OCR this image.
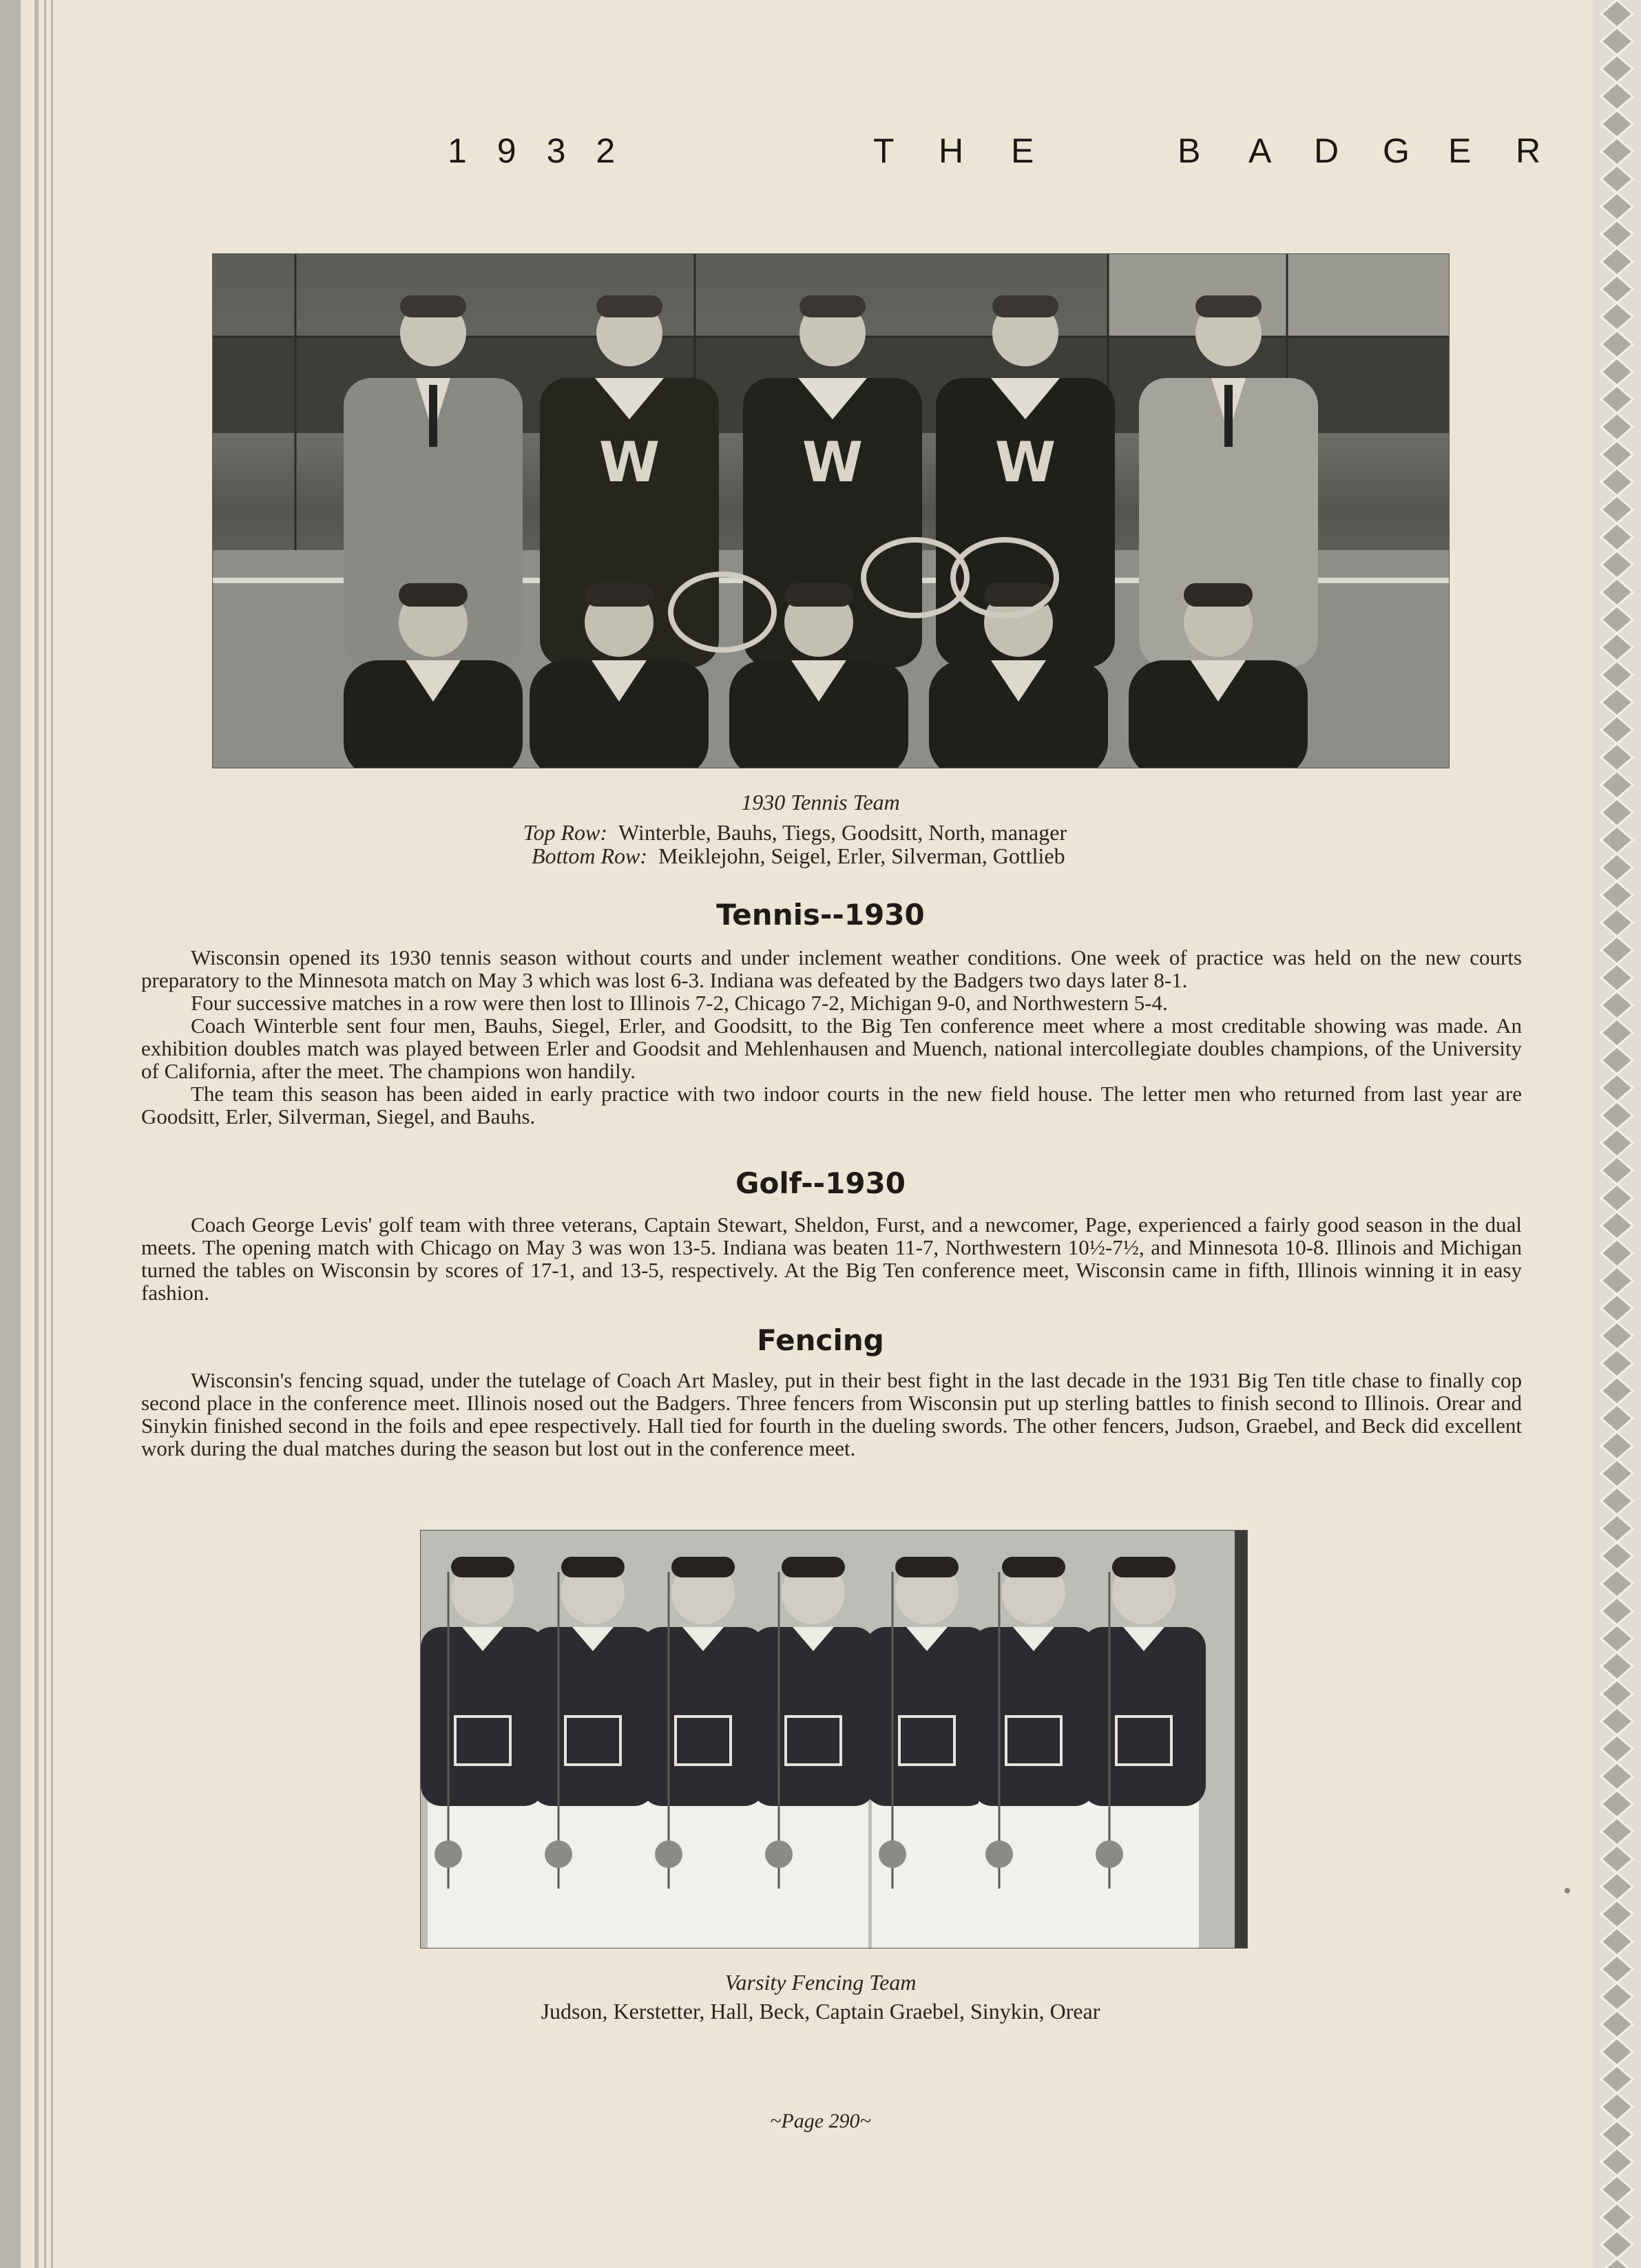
1932	T H E	B A D G E R
W	W W
1930 Tennis Team
Top Row: Winterble, Bauhs, Tiegs, Goodsitt, North, manager
Bottom Row: Meiklejohn, Seigel, Erler, Silverman, Gottlieb
Tennis--1930

Wisconsin opened its 1930 tennis season without courts and under inclement weather conditions. One week of practice was held on the new courts preparatory to the Minnesota match on May 3 which was lost 6-3. Indiana was defeated by the Badgers two days later 8-1.

Four successive matches in a row were then lost to Illinois 7-2, Chicago 7-2, Michigan 9-0, and Northwestern 5-4.

Coach Winterble sent four men, Bauhs, Siegel, Erler, and Goodsitt, to the Big Ten conference meet where a most creditable showing was made. An exhibition doubles match was played between Erler and Goodsit and Mehlenhausen and Muench, national intercollegiate doubles champions, of the University of California, after the meet. The champions won handily.

The team this season has been aided in early practice with two indoor courts in the new field house. The letter men who returned from last year are Goodsitt, Erler, Silverman, Siegel, and Bauhs.

Golf--1930

Coach George Levis' golf team with three veterans, Captain Stewart, Sheldon, Furst, and a newcomer, Page, experienced a fairly good season in the dual meets. The opening match with Chicago on May 3 was won 13-5. Indiana was beaten 11-7, Northwestern 10½-7½, and Minnesota 10-8. Illinois and Michigan turned the tables on Wisconsin by scores of 17-1, and 13-5, respectively. At the Big Ten conference meet, Wisconsin came in fifth, Illinois winning it in easy fashion.

Fencing

Wisconsin's fencing squad, under the tutelage of Coach Art Masley, put in their best fight in the last decade in the 1931 Big Ten title chase to finally cop second place in the conference meet. Illinois nosed out the Badgers. Three fencers from Wisconsin put up sterling battles to finish second to Illinois. Orear and Sinykin finished second in the foils and epee respectively. Hall tied for fourth in the dueling swords. The other fencers, Judson, Graebel, and Beck did excellent work during the dual matches during the season but lost out in the conference meet.

Varsity Fencing Team
Judson, Kerstetter, Hall, Beck, Captain Graebel, Sinykin, Orear
~Page 290~
